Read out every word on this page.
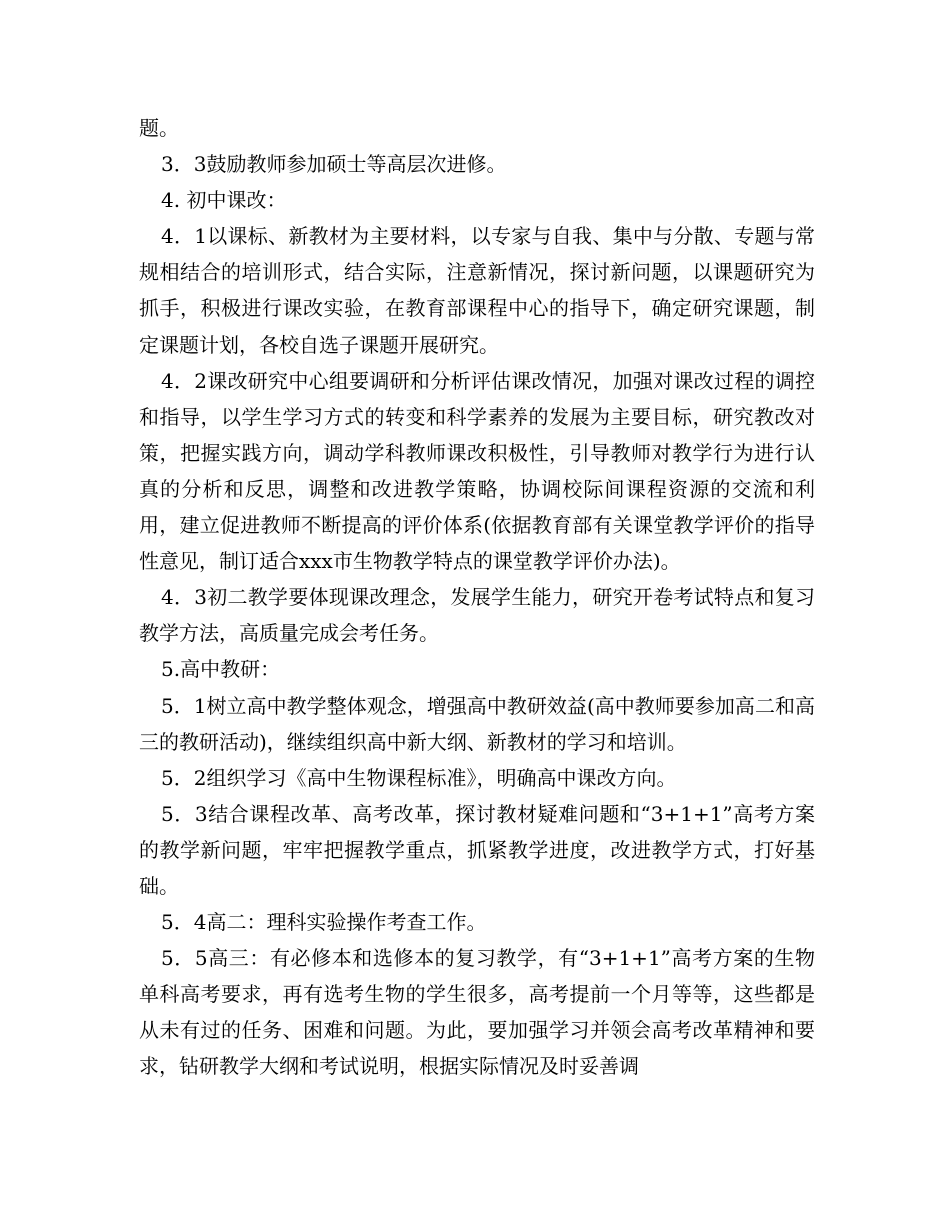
题。

3．3鼓励教师参加硕士等高层次进修。

4. 初中课改：

4．1以课标、新教材为主要材料，以专家与自我、集中与分散、专题与常规相结合的培训形式，结合实际，注意新情况，探讨新问题，以课题研究为抓手，积极进行课改实验，在教育部课程中心的指导下，确定研究课题，制定课题计划，各校自选子课题开展研究。

4．2课改研究中心组要调研和分析评估课改情况，加强对课改过程的调控和指导，以学生学习方式的转变和科学素养的发展为主要目标，研究教改对策，把握实践方向，调动学科教师课改积极性，引导教师对教学行为进行认真的分析和反思，调整和改进教学策略，协调校际间课程资源的交流和利用，建立促进教师不断提高的评价体系(依据教育部有关课堂教学评价的指导性意见，制订适合xxx市生物教学特点的课堂教学评价办法)。

4．3初二教学要体现课改理念，发展学生能力，研究开卷考试特点和复习教学方法，高质量完成会考任务。

5.高中教研：

5．1树立高中教学整体观念，增强高中教研效益(高中教师要参加高二和高三的教研活动)，继续组织高中新大纲、新教材的学习和培训。

5．2组织学习《高中生物课程标准》，明确高中课改方向。

5．3结合课程改革、高考改革，探讨教材疑难问题和“3+1+1”高考方案的教学新问题，牢牢把握教学重点，抓紧教学进度，改进教学方式，打好基础。

5．4高二：理科实验操作考查工作。

5．5高三：有必修本和选修本的复习教学，有“3+1+1”高考方案的生物单科高考要求，再有选考生物的学生很多，高考提前一个月等等，这些都是从未有过的任务、困难和问题。为此，要加强学习并领会高考改革精神和要求，钻研教学大纲和考试说明，根据实际情况及时妥善调
